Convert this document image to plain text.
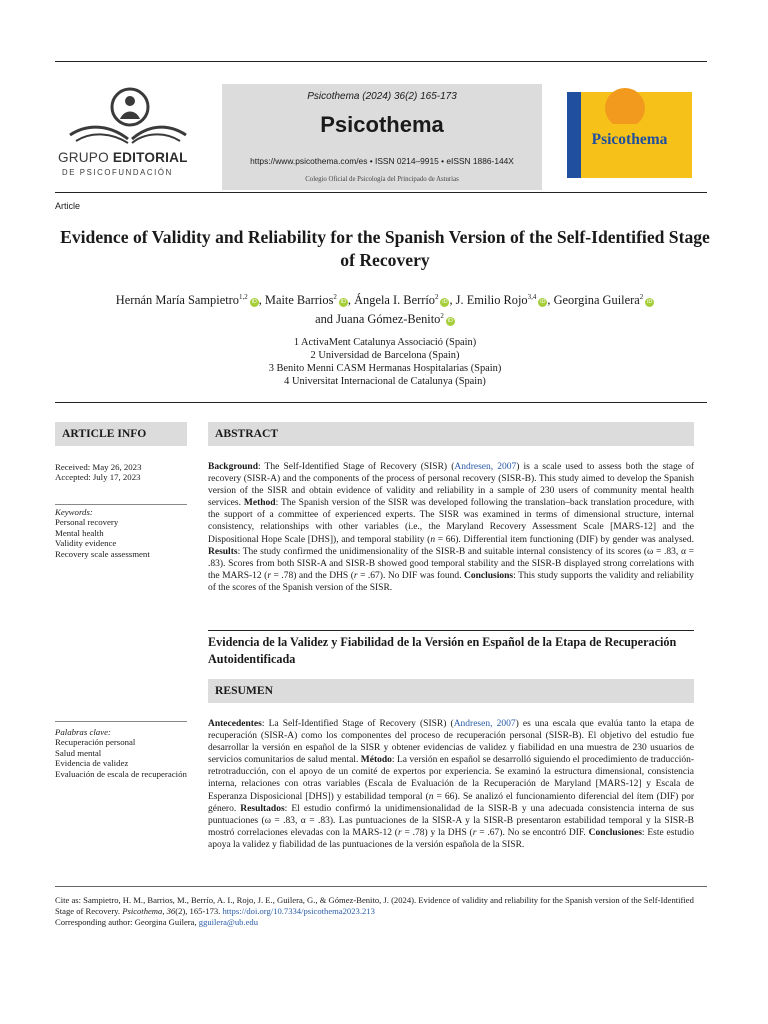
GRUPO EDITORIAL
DE PSICOFUNDACIÓN
Psicothema (2024) 36(2) 165-173
Psicothema
https://www.psicothema.com/es • ISSN 0214–9915 • eISSN 1886-144X
Colegio Oficial de Psicología del Principado de Asturias
Psicothema
Article
Evidence of Validity and Reliability for the Spanish Version of the Self-Identified Stage of Recovery
Hernán María Sampietro$^{1,2}$iD , Maite Barrios$^2$iD , Ángela I. Berrío$^2$iD , J. Emilio Rojo$^{3,4}$iD , Georgina Guilera$^2$iD
and Juana Gómez-Benito$^2$iD
1 ActivaMent Catalunya Associació (Spain)
2 Universidad de Barcelona (Spain)
3 Benito Menni CASM Hermanas Hospitalarias (Spain)
4 Universitat Internacional de Catalunya (Spain)
ARTICLE INFO
Received: May 26, 2023
Accepted: July 17, 2023
Keywords:
Personal recovery
Mental health
Validity evidence
Recovery scale assessment
ABSTRACT
Background: The Self-Identified Stage of Recovery (SISR) (Andresen, 2007) is a scale used to assess both the stage of recovery (SISR-A) and the components of the process of personal recovery (SISR-B). This study aimed to develop the Spanish version of the SISR and obtain evidence of validity and reliability in a sample of 230 users of community mental health services. Method: The Spanish version of the SISR was developed following the translation–back translation procedure, with the support of a committee of experienced experts. The SISR was examined in terms of dimensional structure, internal consistency, relationships with other variables (i.e., the Maryland Recovery Assessment Scale [MARS-12] and the Dispositional Hope Scale [DHS]), and temporal stability (n = 66). Differential item functioning (DIF) by gender was analysed. Results: The study confirmed the unidimensionality of the SISR-B and suitable internal consistency of its scores (ω = .83, α = .83). Scores from both SISR-A and SISR-B showed good temporal stability and the SISR-B displayed strong correlations with the MARS-12 (r = .78) and the DHS (r = .67). No DIF was found. Conclusions: This study supports the validity and reliability of the scores of the Spanish version of the SISR.
Evidencia de la Validez y Fiabilidad de la Versión en Español de la Etapa de Recuperación Autoidentificada
RESUMEN
Palabras clave:
Recuperación personal
Salud mental
Evidencia de validez
Evaluación de escala de recuperación
Antecedentes: La Self-Identified Stage of Recovery (SISR) (Andresen, 2007) es una escala que evalúa tanto la etapa de recuperación (SISR-A) como los componentes del proceso de recuperación personal (SISR-B). El objetivo del estudio fue desarrollar la versión en español de la SISR y obtener evidencias de validez y fiabilidad en una muestra de 230 usuarios de servicios comunitarios de salud mental. Método: La versión en español se desarrolló siguiendo el procedimiento de traducción-retrotraducción, con el apoyo de un comité de expertos por experiencia. Se examinó la estructura dimensional, consistencia interna, relaciones con otras variables (Escala de Evaluación de la Recuperación de Maryland [MARS-12] y Escala de Esperanza Disposicional [DHS]) y estabilidad temporal (n = 66). Se analizó el funcionamiento diferencial del ítem (DIF) por género. Resultados: El estudio confirmó la unidimensionalidad de la SISR-B y una adecuada consistencia interna de sus puntuaciones (ω = .83, α = .83). Las puntuaciones de la SISR-A y la SISR-B presentaron estabilidad temporal y la SISR-B mostró correlaciones elevadas con la MARS-12 (r = .78) y la DHS (r = .67). No se encontró DIF. Conclusiones: Este estudio apoya la validez y fiabilidad de las puntuaciones de la versión española de la SISR.
Cite as: Sampietro, H. M., Barrios, M., Berrío, A. I., Rojo, J. E., Guilera, G., & Gómez-Benito, J. (2024). Evidence of validity and reliability for the Spanish version of the Self-Identified Stage of Recovery. Psicothema, 36(2), 165-173. https://doi.org/10.7334/psicothema2023.213
Corresponding author: Georgina Guilera, gguilera@ub.edu
